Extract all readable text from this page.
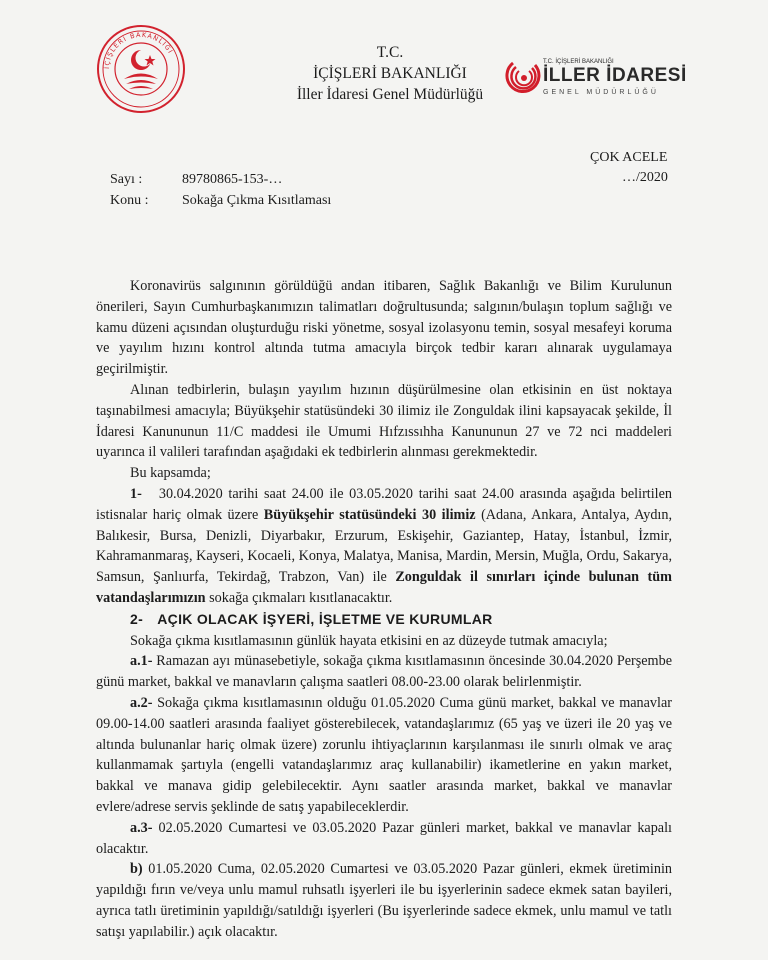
İÇİŞLERİ BAKANLIĞI	T.C.
İÇİŞLERİ BAKANLIĞI
İller İdaresi Genel Müdürlüğü
T.C. İÇİŞLERİ BAKANLIĞI
İLLER İDARESİ
GENEL MÜDÜRLÜĞÜ
ÇOK ACELE
…/2020
Sayı :	89780865-153-…
Konu : Sokağa Çıkma Kısıtlaması

Koronavirüs salgınının görüldüğü andan itibaren, Sağlık Bakanlığı ve Bilim Kurulunun önerileri, Sayın Cumhurbaşkanımızın talimatları doğrultusunda; salgının/bulaşın toplum sağlığı ve kamu düzeni açısından oluşturduğu riski yönetme, sosyal izolasyonu temin, sosyal mesafeyi koruma ve yayılım hızını kontrol altında tutma amacıyla birçok tedbir kararı alınarak uygulamaya geçirilmiştir.

Alınan tedbirlerin, bulaşın yayılım hızının düşürülmesine olan etkisinin en üst noktaya taşınabilmesi amacıyla; Büyükşehir statüsündeki 30 ilimiz ile Zonguldak ilini kapsayacak şekilde, İl İdaresi Kanununun 11/C maddesi ile Umumi Hıfzıssıhha Kanununun 27 ve 72 nci maddeleri uyarınca il valileri tarafından aşağıdaki ek tedbirlerin alınması gerekmektedir.

Bu kapsamda;

1- 30.04.2020 tarihi saat 24.00 ile 03.05.2020 tarihi saat 24.00 arasında aşağıda belirtilen istisnalar hariç olmak üzere Büyükşehir statüsündeki 30 ilimiz (Adana, Ankara, Antalya, Aydın, Balıkesir, Bursa, Denizli, Diyarbakır, Erzurum, Eskişehir, Gaziantep, Hatay, İstanbul, İzmir, Kahramanmaraş, Kayseri, Kocaeli, Konya, Malatya, Manisa, Mardin, Mersin, Muğla, Ordu, Sakarya, Samsun, Şanlıurfa, Tekirdağ, Trabzon, Van) ile Zonguldak il sınırları içinde bulunan tüm vatandaşlarımızın sokağa çıkmaları kısıtlanacaktır.

2- AÇIK OLACAK İŞYERİ, İŞLETME VE KURUMLAR

Sokağa çıkma kısıtlamasının günlük hayata etkisini en az düzeyde tutmak amacıyla;

a.1- Ramazan ayı münasebetiyle, sokağa çıkma kısıtlamasının öncesinde 30.04.2020 Perşembe günü market, bakkal ve manavların çalışma saatleri 08.00-23.00 olarak belirlenmiştir.

a.2- Sokağa çıkma kısıtlamasının olduğu 01.05.2020 Cuma günü market, bakkal ve manavlar 09.00-14.00 saatleri arasında faaliyet gösterebilecek, vatandaşlarımız (65 yaş ve üzeri ile 20 yaş ve altında bulunanlar hariç olmak üzere) zorunlu ihtiyaçlarının karşılanması ile sınırlı olmak ve araç kullanmamak şartıyla (engelli vatandaşlarımız araç kullanabilir) ikametlerine en yakın market, bakkal ve manava gidip gelebilecektir. Aynı saatler arasında market, bakkal ve manavlar evlere/adrese servis şeklinde de satış yapabileceklerdir.

a.3- 02.05.2020 Cumartesi ve 03.05.2020 Pazar günleri market, bakkal ve manavlar kapalı olacaktır.

b) 01.05.2020 Cuma, 02.05.2020 Cumartesi ve 03.05.2020 Pazar günleri, ekmek üretiminin yapıldığı fırın ve/veya unlu mamul ruhsatlı işyerleri ile bu işyerlerinin sadece ekmek satan bayileri, ayrıca tatlı üretiminin yapıldığı/satıldığı işyerleri (Bu işyerlerinde sadece ekmek, unlu mamul ve tatlı satışı yapılabilir.) açık olacaktır.
